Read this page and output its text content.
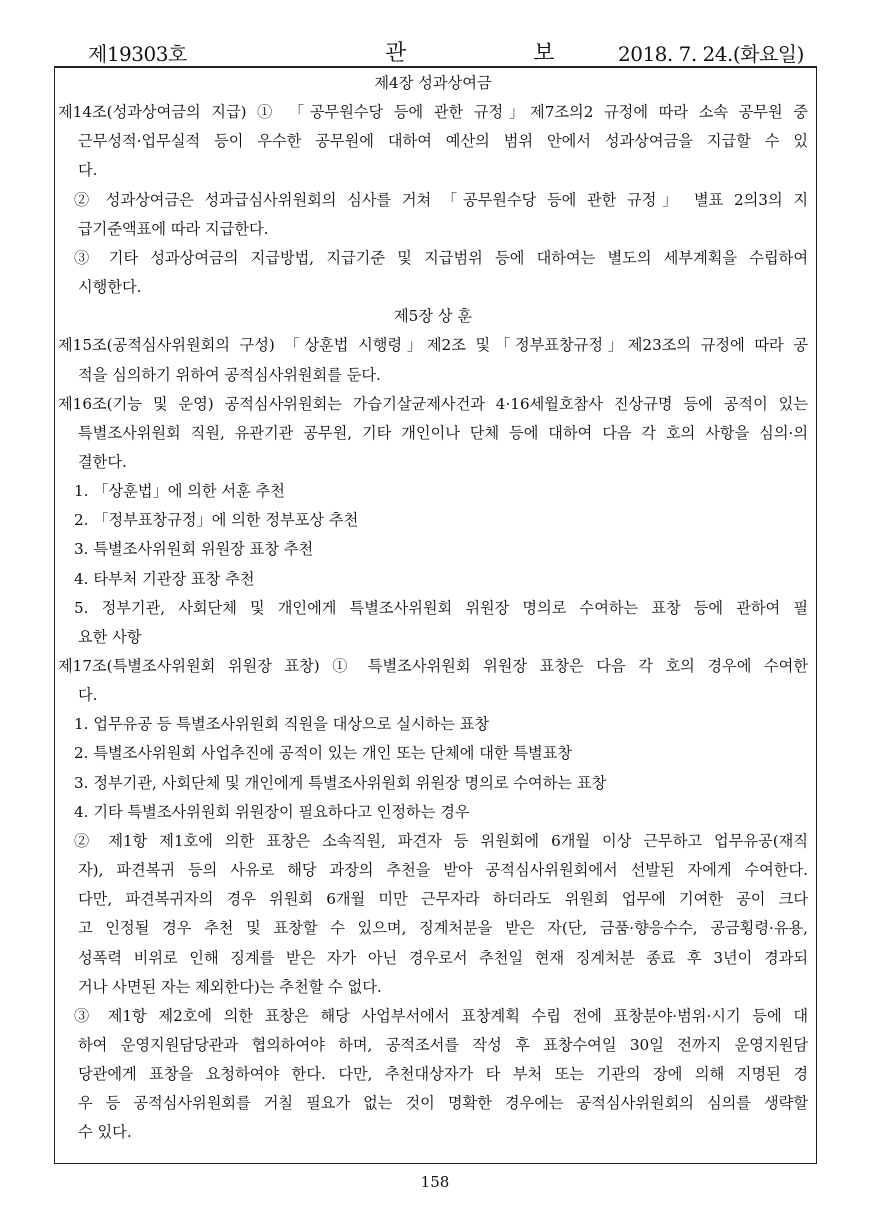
제19303호	관 보 2018. 7. 24.(화요일)
제4장 성과상여금
제14조(성과상여금의 지급) ① 「공무원수당 등에 관한 규정」제7조의2 규정에 따라 소속 공무원 중
근무성적·업무실적 등이 우수한 공무원에 대하여 예산의 범위 안에서 성과상여금을 지급할 수 있
다.
② 성과상여금은 성과급심사위원회의 심사를 거쳐 「공무원수당 등에 관한 규정」 별표 2의3의 지
급기준액표에 따라 지급한다.
③ 기타 성과상여금의 지급방법, 지급기준 및 지급범위 등에 대하여는 별도의 세부계획을 수립하여
시행한다.
제5장 상 훈
제15조(공적심사위원회의 구성) 「상훈법 시행령」제2조 및「정부표창규정」제23조의 규정에 따라 공
적을 심의하기 위하여 공적심사위원회를 둔다.
제16조(기능 및 운영) 공적심사위원회는 가습기살균제사건과 4·16세월호참사 진상규명 등에 공적이 있는
특별조사위원회 직원, 유관기관 공무원, 기타 개인이나 단체 등에 대하여 다음 각 호의 사항을 심의·의
결한다.
1. 「상훈법」에 의한 서훈 추천
2. 「정부표창규정」에 의한 정부포상 추천
3. 특별조사위원회 위원장 표창 추천
4. 타부처 기관장 표창 추천
5. 정부기관, 사회단체 및 개인에게 특별조사위원회 위원장 명의로 수여하는 표창 등에 관하여 필
요한 사항
제17조(특별조사위원회 위원장 표창) ① 특별조사위원회 위원장 표창은 다음 각 호의 경우에 수여한
다.
1. 업무유공 등 특별조사위원회 직원을 대상으로 실시하는 표창
2. 특별조사위원회 사업추진에 공적이 있는 개인 또는 단체에 대한 특별표창
3. 정부기관, 사회단체 및 개인에게 특별조사위원회 위원장 명의로 수여하는 표창
4. 기타 특별조사위원회 위원장이 필요하다고 인정하는 경우
② 제1항 제1호에 의한 표창은 소속직원, 파견자 등 위원회에 6개월 이상 근무하고 업무유공(재직
자), 파견복귀 등의 사유로 해당 과장의 추천을 받아 공적심사위원회에서 선발된 자에게 수여한다.
다만, 파견복귀자의 경우 위원회 6개월 미만 근무자라 하더라도 위원회 업무에 기여한 공이 크다
고 인정될 경우 추천 및 표창할 수 있으며, 징계처분을 받은 자(단, 금품·향응수수, 공금횡령·유용,
성폭력 비위로 인해 징계를 받은 자가 아닌 경우로서 추천일 현재 징계처분 종료 후 3년이 경과되
거나 사면된 자는 제외한다)는 추천할 수 없다.
③ 제1항 제2호에 의한 표창은 해당 사업부서에서 표창계획 수립 전에 표창분야·범위·시기 등에 대
하여 운영지원담당관과 협의하여야 하며, 공적조서를 작성 후 표창수여일 30일 전까지 운영지원담
당관에게 표창을 요청하여야 한다. 다만, 추천대상자가 타 부처 또는 기관의 장에 의해 지명된 경
우 등 공적심사위원회를 거칠 필요가 없는 것이 명확한 경우에는 공적심사위원회의 심의를 생략할
수 있다.
158
